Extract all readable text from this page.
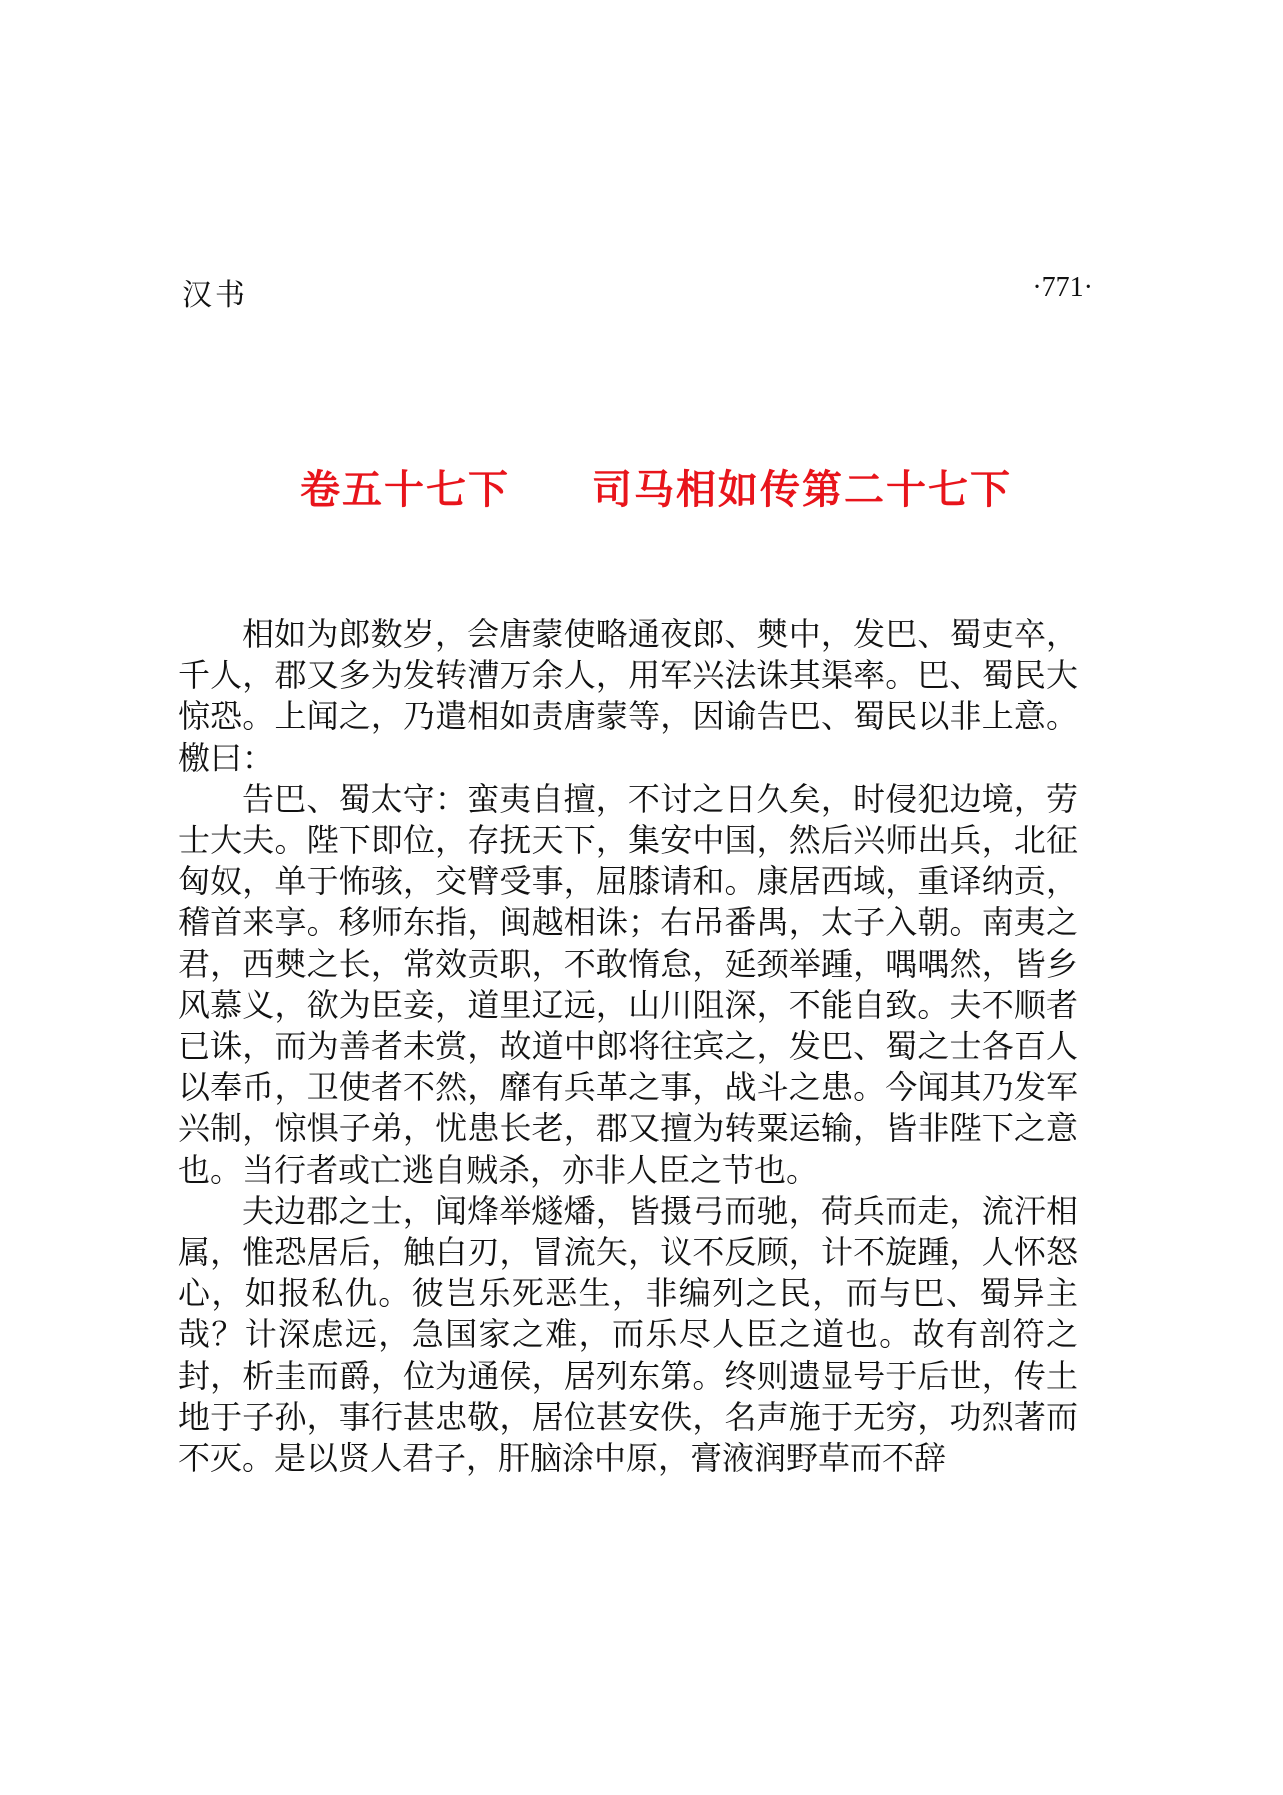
汉书	·771·
卷五十七下 司马相如传第二十七下

相如为郎数岁，会唐蒙使略通夜郎、僰中，发巴、蜀吏卒，千人，郡又多为发转漕万余人，用军兴法诛其渠率。巴、蜀民大惊恐。上闻之，乃遣相如责唐蒙等，因谕告巴、蜀民以非上意。檄曰：

告巴、蜀太守：蛮夷自擅，不讨之日久矣，时侵犯边境，劳士大夫。陛下即位，存抚天下，集安中国，然后兴师出兵，北征匈奴，单于怖骇，交臂受事，屈膝请和。康居西域，重译纳贡，稽首来享。移师东指，闽越相诛；右吊番禺，太子入朝。南夷之君，西僰之长，常效贡职，不敢惰怠，延颈举踵，喁喁然，皆乡风慕义，欲为臣妾，道里辽远，山川阻深，不能自致。夫不顺者已诛，而为善者未赏，故道中郎将往宾之，发巴、蜀之士各百人以奉币，卫使者不然，靡有兵革之事，战斗之患。今闻其乃发军兴制，惊惧子弟，忧患长老，郡又擅为转粟运输，皆非陛下之意也。当行者或亡逃自贼杀，亦非人臣之节也。

夫边郡之士，闻烽举燧燔，皆摄弓而驰，荷兵而走，流汗相属，惟恐居后，触白刃，冒流矢，议不反顾，计不旋踵，人怀怒心，如报私仇。彼岂乐死恶生，非编列之民，而与巴、蜀异主哉？计深虑远，急国家之难，而乐尽人臣之道也。故有剖符之封，析圭而爵，位为通侯，居列东第。终则遗显号于后世，传土地于子孙，事行甚忠敬，居位甚安佚，名声施于无穷，功烈著而不灭。是以贤人君子，肝脑涂中原，膏液润野草而不辞
